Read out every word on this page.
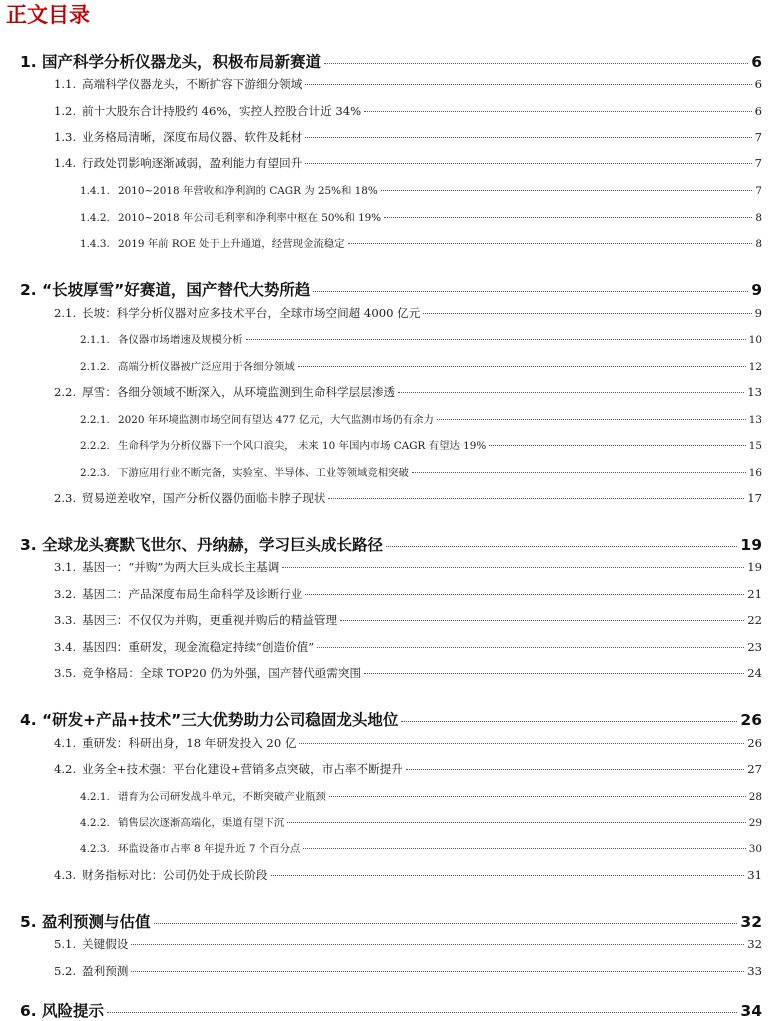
正文目录
1. 国产科学分析仪器龙头，积极布局新赛道	6
1.1. 高端科学仪器龙头，不断扩容下游细分领域	6
1.2. 前十大股东合计持股约 46%，实控人控股合计近 34%	6
1.3. 业务格局清晰，深度布局仪器、软件及耗材	7
1.4. 行政处罚影响逐渐减弱，盈利能力有望回升	7
1.4.1. 2010~2018 年营收和净利润的 CAGR 为 25%和 18%	7
1.4.2. 2010~2018 年公司毛利率和净利率中枢在 50%和 19%	8
1.4.3. 2019 年前 ROE 处于上升通道，经营现金流稳定	8
2. “长坡厚雪”好赛道，国产替代大势所趋	9
2.1. 长坡：科学分析仪器对应多技术平台，全球市场空间超 4000 亿元	9
2.1.1. 各仪器市场增速及规模分析	10
2.1.2. 高端分析仪器被广泛应用于各细分领域	12
2.2. 厚雪：各细分领域不断深入，从环境监测到生命科学层层渗透	13
2.2.1. 2020 年环境监测市场空间有望达 477 亿元，大气监测市场仍有余力	13
2.2.2. 生命科学为分析仪器下一个风口浪尖， 未来 10 年国内市场 CAGR 有望达 19%	15
2.2.3. 下游应用行业不断完备，实验室、半导体、工业等领域竞相突破	16
2.3. 贸易逆差收窄，国产分析仪器仍面临卡脖子现状	17
3. 全球龙头赛默飞世尔、丹纳赫，学习巨头成长路径	19
3.1. 基因一：“并购”为两大巨头成长主基调	19
3.2. 基因二：产品深度布局生命科学及诊断行业	21
3.3. 基因三：不仅仅为并购，更重视并购后的精益管理	22
3.4. 基因四：重研发，现金流稳定持续“创造价值”	23
3.5. 竞争格局：全球 TOP20 仍为外强，国产替代亟需突围	24
4. “研发+产品+技术”三大优势助力公司稳固龙头地位	26
4.1. 重研发：科研出身，18 年研发投入 20 亿	26
4.2. 业务全+技术强：平台化建设+营销多点突破，市占率不断提升	27
4.2.1. 谱育为公司研发战斗单元，不断突破产业瓶颈	28
4.2.2. 销售层次逐渐高端化，渠道有望下沉	29
4.2.3. 环监设备市占率 8 年提升近 7 个百分点	30
4.3. 财务指标对比：公司仍处于成长阶段	31
5. 盈利预测与估值	32
5.1. 关键假设	32
5.2. 盈利预测	33
6. 风险提示	34
